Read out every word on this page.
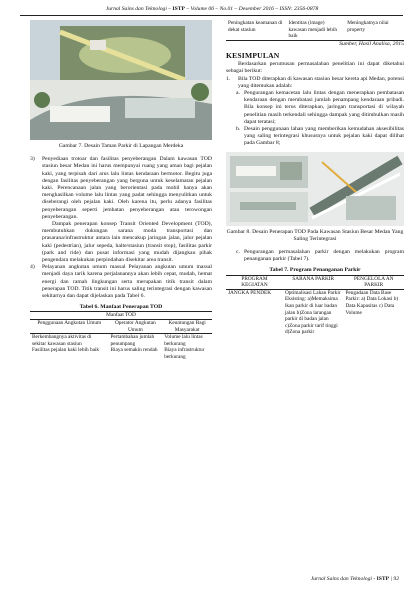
Jurnal Sains dan Teknologi – ISTP – Volume 06 – No.01 – Desember 2016 – ISSN: 2356-0878
Gambar 7. Desain Taman Parkir di Lapangan Merdeka
3)	Penyediaan trotoar dan fasilitas penyeberangan Dalam kawasan TOD stasiun besar Medan ini harus mempunyai ruang yang aman bagi pejalan kaki, yang terpisah dari arus lalu lintas kendaraan bermotor. Begitu juga dengan fasilitas penyeberangan yang berguna untuk keselamatan pejalan kaki. Perencanaan jalan yang berorientasi pada mobil hanya akan menghasilkan volume lalu lintas yang padat sehingga menyulitkan untuk diseberangi oleh pejalan kaki. Oleh karena itu, perlu adanya fasilitas penyeberangan seperti jembatan penyeberangan atau terowongan penyeberangan.

Dampak penerapan konsep Transit Oriented Development (TOD), membutuhkan dukungan sarana moda transportasi dan prasarana/infrastruktur antara lain mencakup jaringan jalan, jalur pejalan kaki (pedestrian), jalur sepeda, halte/stasiun (transit stop), fasilitas parkir (park and ride) dan pusat informasi yang mudah dijangkau pihak pengendara melakukan perpindahan disekitar area transit.

4)	Pelayanan angkutan umum massal Pelayanan angkutan umum massal menjadi daya tarik karena perjalanannya akan lebih cepat, mudah, hemat energi dan ramah lingkungan serta merupakan titik transit dalam penerapan TOD. Titik transit ini harus saling terintegrasi dengan kawasan sekitarnya dan dapat dijelaskan pada Tabel 6.

Tabel 6. Manfaat Penerapan TOD
Manfaat TOD		
Penggunaan Angkutan Umum	Operator Angkutan Umum	Keuntungan Bagi Masyarakat
Berkembangnya aktivitas di sekitar kawasan stasiun	Pertambahan jumlah penumpang	Volume lalu lintas berkurang
Fasilitas pejalan kaki lebih baik	Biaya semakin rendah	Biaya infrastruktur berkurang
Peningkatan keamanan di dekat stasiun	Identitas (image) kawasan menjadi lebih baik	Meningkatnya nilai property
Sumber, Hasil Analisa, 2015
KESIMPULAN

Berdasarkan perumusan permasalahan penelitian ini dapat diketahui sebagai berikut:

1.	Bila TOD diterapkan di kawasan stasiun besar kereta api Medan, potensi yang ditemukan adalah:

a. Pengurangan kemacetan lalu lintas dengan menerapkan pembatasan kendaraan dengan membatasi jumlah penampang kendaraan pribadi. Bila konsep ini terus diterapkan, jaringan transportasi di wilayah penelitian masih terkendali sehingga dampak yang ditimbulkan masih dapat teratasi;

b. Desain penggunaan lahan yang memberikan kemudahan aksesibilitas yang saling terintegrasi khususnya untuk pejalan kaki dapat dilihat pada Gambar 8;

Gambar 8. Desain Penerapan TOD Pada Kawasan Stasiun Besar Medan Yang Saling Terintegrasi
c. Pengurangan permasalahan parkir dengan melakukan program penanganan parkir (Tabel 7).

Tabel 7. Program Penanganan Parkir
PROGRAM KEGIATAN	SARANA PARKIR	PENGELOLA AN PARKIR
JANGKA PENDEK	Optimalisasi Lahan Parkir Eksisting: a)Memaksima lkan parkir di luar badan jalan b)Zona larangan parkir di badan jalan c)Zona parkir tarif tinggi d)Zona parkir	Pengadaan Data Base Parkir: a) Data Lokasi b) Data Kapasitas c) Data Volume
Jurnal Sains dan Teknologi - ISTP | 92
